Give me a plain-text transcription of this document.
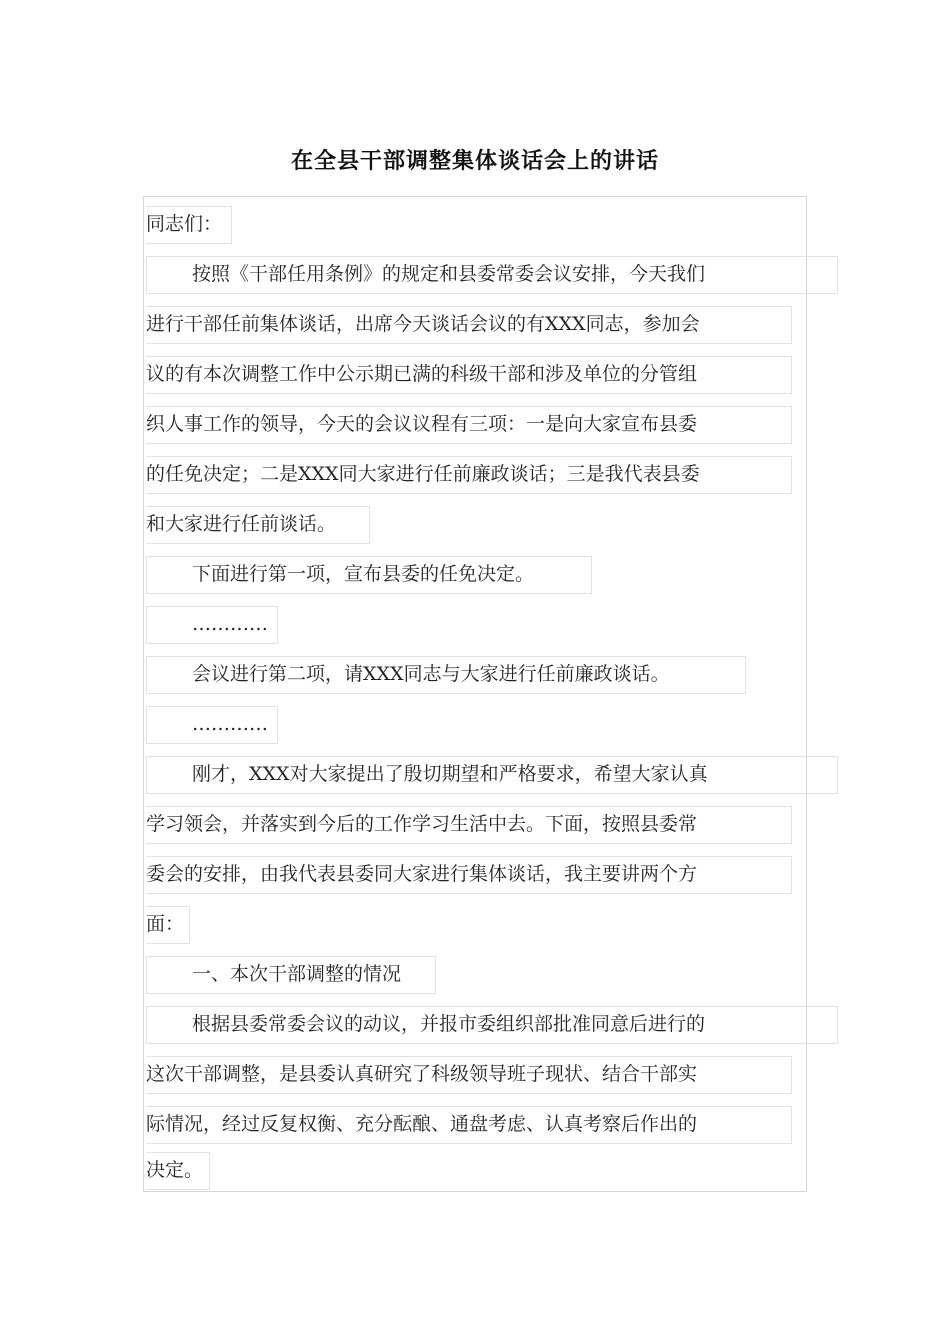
在全县干部调整集体谈话会上的讲话
同志们：
按照《干部任用条例》的规定和县委常委会议安排，今天我们
进行干部任前集体谈话，出席今天谈话会议的有XXX同志，参加会
议的有本次调整工作中公示期已满的科级干部和涉及单位的分管组
织人事工作的领导，今天的会议议程有三项：一是向大家宣布县委
的任免决定；二是XXX同大家进行任前廉政谈话；三是我代表县委
和大家进行任前谈话。
下面进行第一项，宣布县委的任免决定。
…………
会议进行第二项，请XXX同志与大家进行任前廉政谈话。
…………
刚才，XXX对大家提出了殷切期望和严格要求，希望大家认真
学习领会，并落实到今后的工作学习生活中去。下面，按照县委常
委会的安排，由我代表县委同大家进行集体谈话，我主要讲两个方
面：
一、本次干部调整的情况
根据县委常委会议的动议，并报市委组织部批准同意后进行的
这次干部调整，是县委认真研究了科级领导班子现状、结合干部实
际情况，经过反复权衡、充分酝酿、通盘考虑、认真考察后作出的
决定。
